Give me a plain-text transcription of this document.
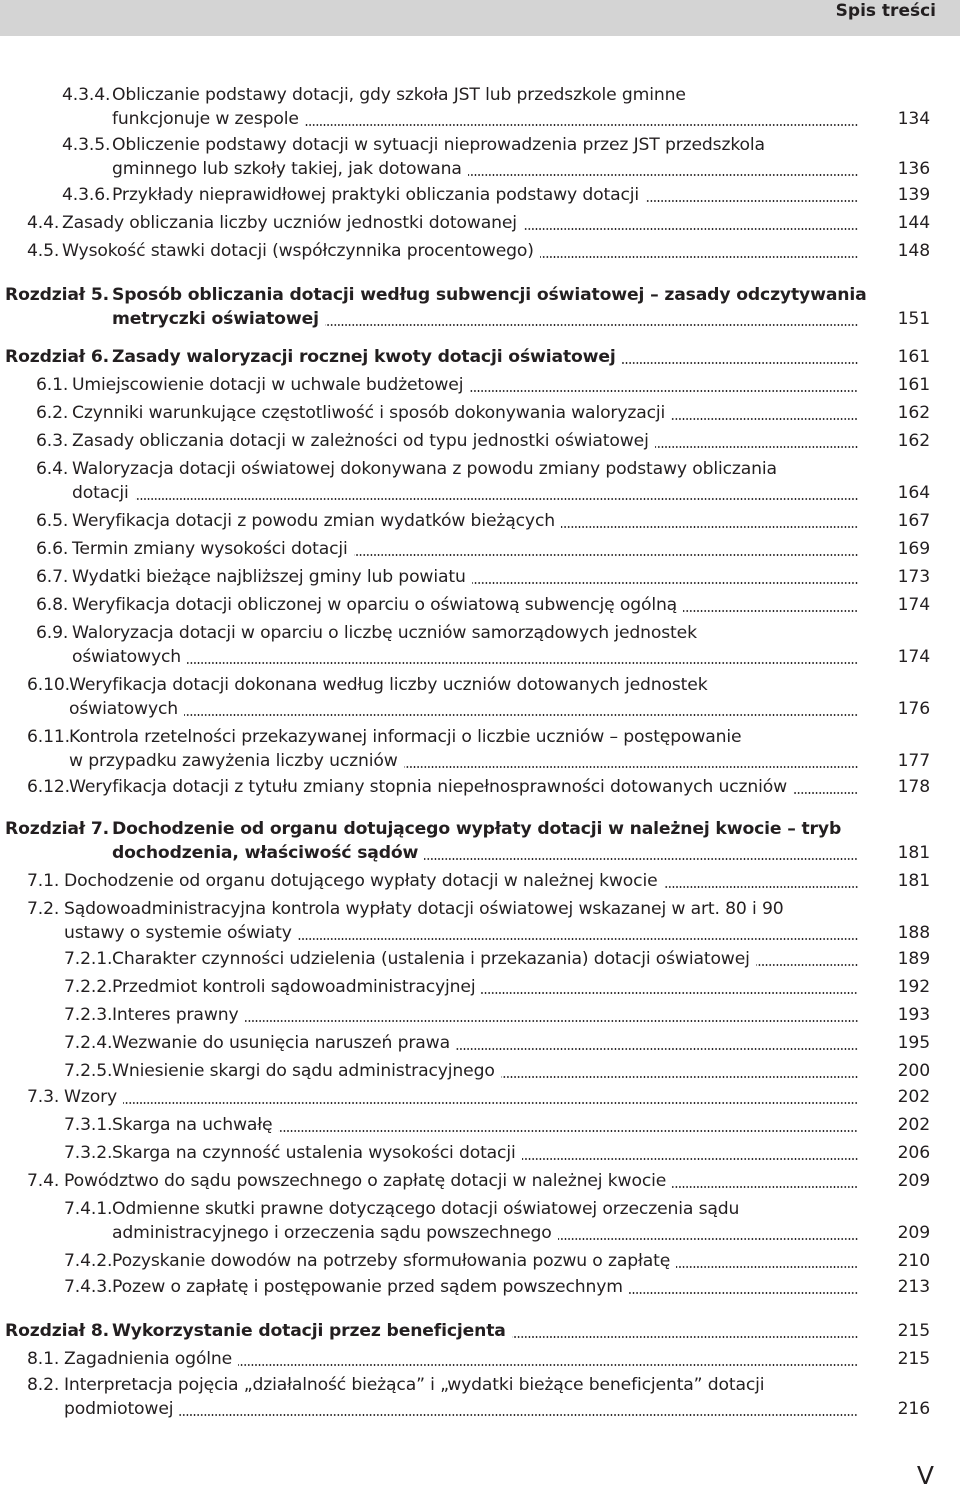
Spis treści
4.3.4. Obliczanie podstawy dotacji, gdy szkoła JST lub przedszkole gminne
funkcjonuje w zespole	134
4.3.5. Obliczenie podstawy dotacji w sytuacji nieprowadzenia przez JST przedszkola
gminnego lub szkoły takiej, jak dotowana	136
4.3.6. Przykłady nieprawidłowej praktyki obliczania podstawy dotacji	139
4.4. Zasady obliczania liczby uczniów jednostki dotowanej	144
4.5. Wysokość stawki dotacji (współczynnika procentowego)	148
Rozdział 5. Sposób obliczania dotacji według subwencji oświatowej – zasady odczytywania
metryczki oświatowej	151
Rozdział 6. Zasady waloryzacji rocznej kwoty dotacji oświatowej	161
6.1. Umiejscowienie dotacji w uchwale budżetowej	161
6.2. Czynniki warunkujące częstotliwość i sposób dokonywania waloryzacji	162
6.3. Zasady obliczania dotacji w zależności od typu jednostki oświatowej	162
6.4. Waloryzacja dotacji oświatowej dokonywana z powodu zmiany podstawy obliczania
dotacji	164
6.5. Weryfikacja dotacji z powodu zmian wydatków bieżących	167
6.6. Termin zmiany wysokości dotacji	169
6.7. Wydatki bieżące najbliższej gminy lub powiatu	173
6.8. Weryfikacja dotacji obliczonej w oparciu o oświatową subwencję ogólną	174
6.9. Waloryzacja dotacji w oparciu o liczbę uczniów samorządowych jednostek
oświatowych	174
6.10. Weryfikacja dotacji dokonana według liczby uczniów dotowanych jednostek
oświatowych	176
6.11. Kontrola rzetelności przekazywanej informacji o liczbie uczniów – postępowanie
w przypadku zawyżenia liczby uczniów	177
6.12. Weryfikacja dotacji z tytułu zmiany stopnia niepełnosprawności dotowanych uczniów	178
Rozdział 7. Dochodzenie od organu dotującego wypłaty dotacji w należnej kwocie – tryb
dochodzenia, właściwość sądów	181
7.1. Dochodzenie od organu dotującego wypłaty dotacji w należnej kwocie	181
7.2. Sądowoadministracyjna kontrola wypłaty dotacji oświatowej wskazanej w art. 80 i 90
ustawy o systemie oświaty	188
7.2.1. Charakter czynności udzielenia (ustalenia i przekazania) dotacji oświatowej	189
7.2.2. Przedmiot kontroli sądowoadministracyjnej	192
7.2.3. Interes prawny	193
7.2.4. Wezwanie do usunięcia naruszeń prawa	195
7.2.5. Wniesienie skargi do sądu administracyjnego	200
7.3. Wzory	202
7.3.1. Skarga na uchwałę	202
7.3.2. Skarga na czynność ustalenia wysokości dotacji	206
7.4. Powództwo do sądu powszechnego o zapłatę dotacji w należnej kwocie	209
7.4.1. Odmienne skutki prawne dotyczącego dotacji oświatowej orzeczenia sądu
administracyjnego i orzeczenia sądu powszechnego	209
7.4.2. Pozyskanie dowodów na potrzeby sformułowania pozwu o zapłatę	210
7.4.3. Pozew o zapłatę i postępowanie przed sądem powszechnym	213
Rozdział 8. Wykorzystanie dotacji przez beneficjenta	215
8.1. Zagadnienia ogólne	215
8.2. Interpretacja pojęcia „działalność bieżąca” i „wydatki bieżące beneficjenta” dotacji
podmiotowej	216
V
